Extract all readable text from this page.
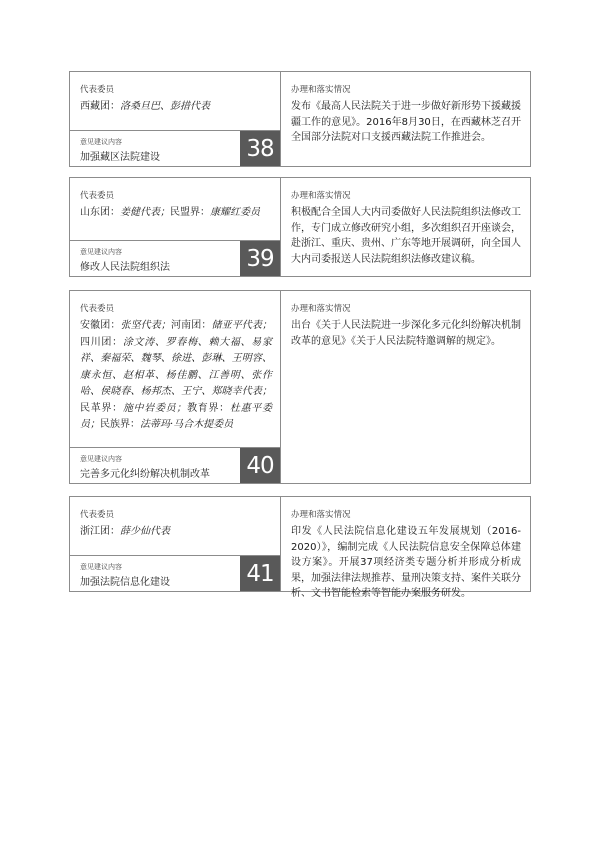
代表委员
西藏团：洛桑旦巴、彭措代表
意见建议内容
加强藏区法院建设	38
办理和落实情况
发布《最高人民法院关于进一步做好新形势下援藏援疆工作的意见》。2016年8月30日，在西藏林芝召开全国部分法院对口支援西藏法院工作推进会。
代表委员
山东团：姜健代表；民盟界：康耀红委员
意见建议内容
修改人民法院组织法	39
办理和落实情况
积极配合全国人大内司委做好人民法院组织法修改工作，专门成立修改研究小组，多次组织召开座谈会，赴浙江、重庆、贵州、广东等地开展调研，向全国人大内司委报送人民法院组织法修改建议稿。
代表委员
安徽团：张坚代表；河南团：储亚平代表；四川团：涂文涛、罗春梅、赖大福、易家祥、秦福荣、魏琴、徐进、彭琳、王明容、康永恒、赵相革、杨佳鹏、江善明、张作哈、侯晓春、杨邦杰、王宁、郑晓幸代表；民革界：施中岩委员；教育界：杜惠平委员；民族界：法蒂玛·马合木提委员
意见建议内容
完善多元化纠纷解决机制改革 40
办理和落实情况
出台《关于人民法院进一步深化多元化纠纷解决机制改革的意见》《关于人民法院特邀调解的规定》。
代表委员
浙江团：薛少仙代表
意见建议内容
加强法院信息化建设	41
办理和落实情况
印发《人民法院信息化建设五年发展规划（2016-2020）》，编制完成《人民法院信息安全保障总体建设方案》。开展37项经济类专题分析并形成分析成果，加强法律法规推荐、量刑决策支持、案件关联分析、文书智能检索等智能办案服务研发。
